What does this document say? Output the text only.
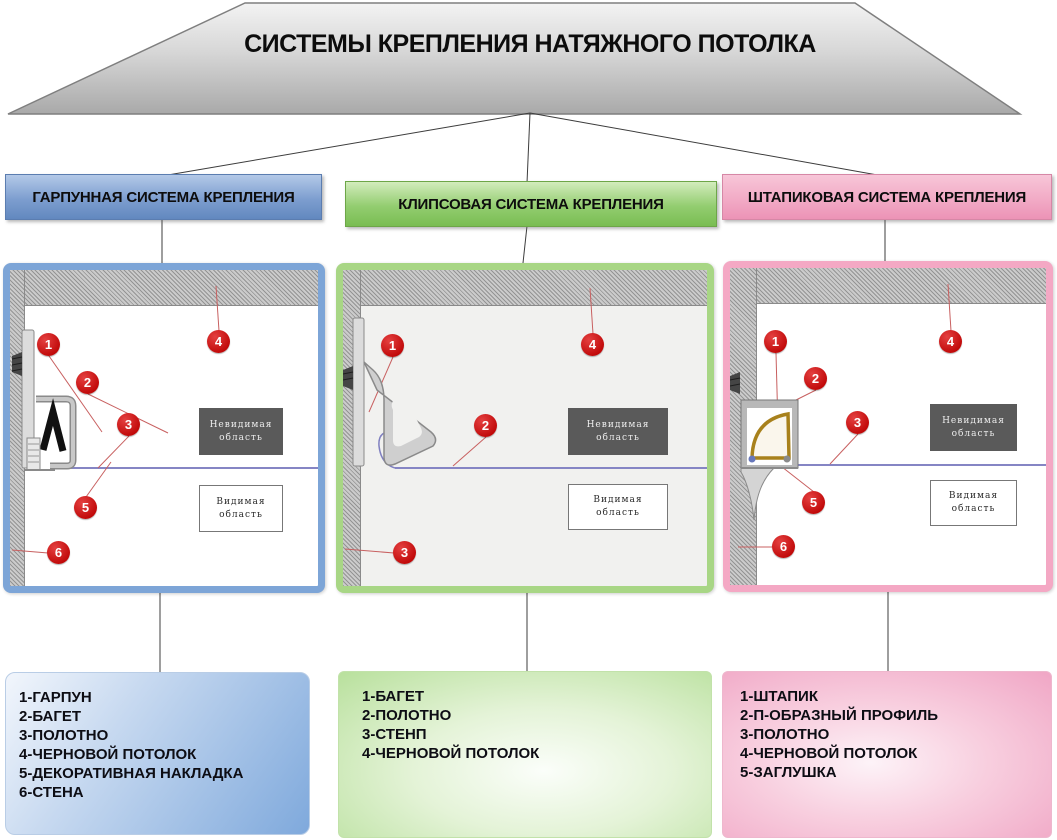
СИСТЕМЫ КРЕПЛЕНИЯ НАТЯЖНОГО ПОТОЛКА
ГАРПУННАЯ СИСТЕМА КРЕПЛЕНИЯ	КЛИПСОВАЯ СИСТЕМА КРЕПЛЕНИЯ	ШТАПИКОВАЯ СИСТЕМА КРЕПЛЕНИЯ
Невидимая область
Видимая область
1
2
3
4
5
6
Невидимая область
Видимая область
1
2
3
4
Невидимая область
Видимая область
1
2
3
4
5
6
1-ГАРПУН
2-БАГЕТ
3-ПОЛОТНО
4-ЧЕРНОВОЙ ПОТОЛОК
5-ДЕКОРАТИВНАЯ НАКЛАДКА
6-СТЕНА
1-БАГЕТ
2-ПОЛОТНО
3-СТЕНП
4-ЧЕРНОВОЙ ПОТОЛОК
1-ШТАПИК
2-П-ОБРАЗНЫЙ ПРОФИЛЬ
3-ПОЛОТНО
4-ЧЕРНОВОЙ ПОТОЛОК
5-ЗАГЛУШКА
